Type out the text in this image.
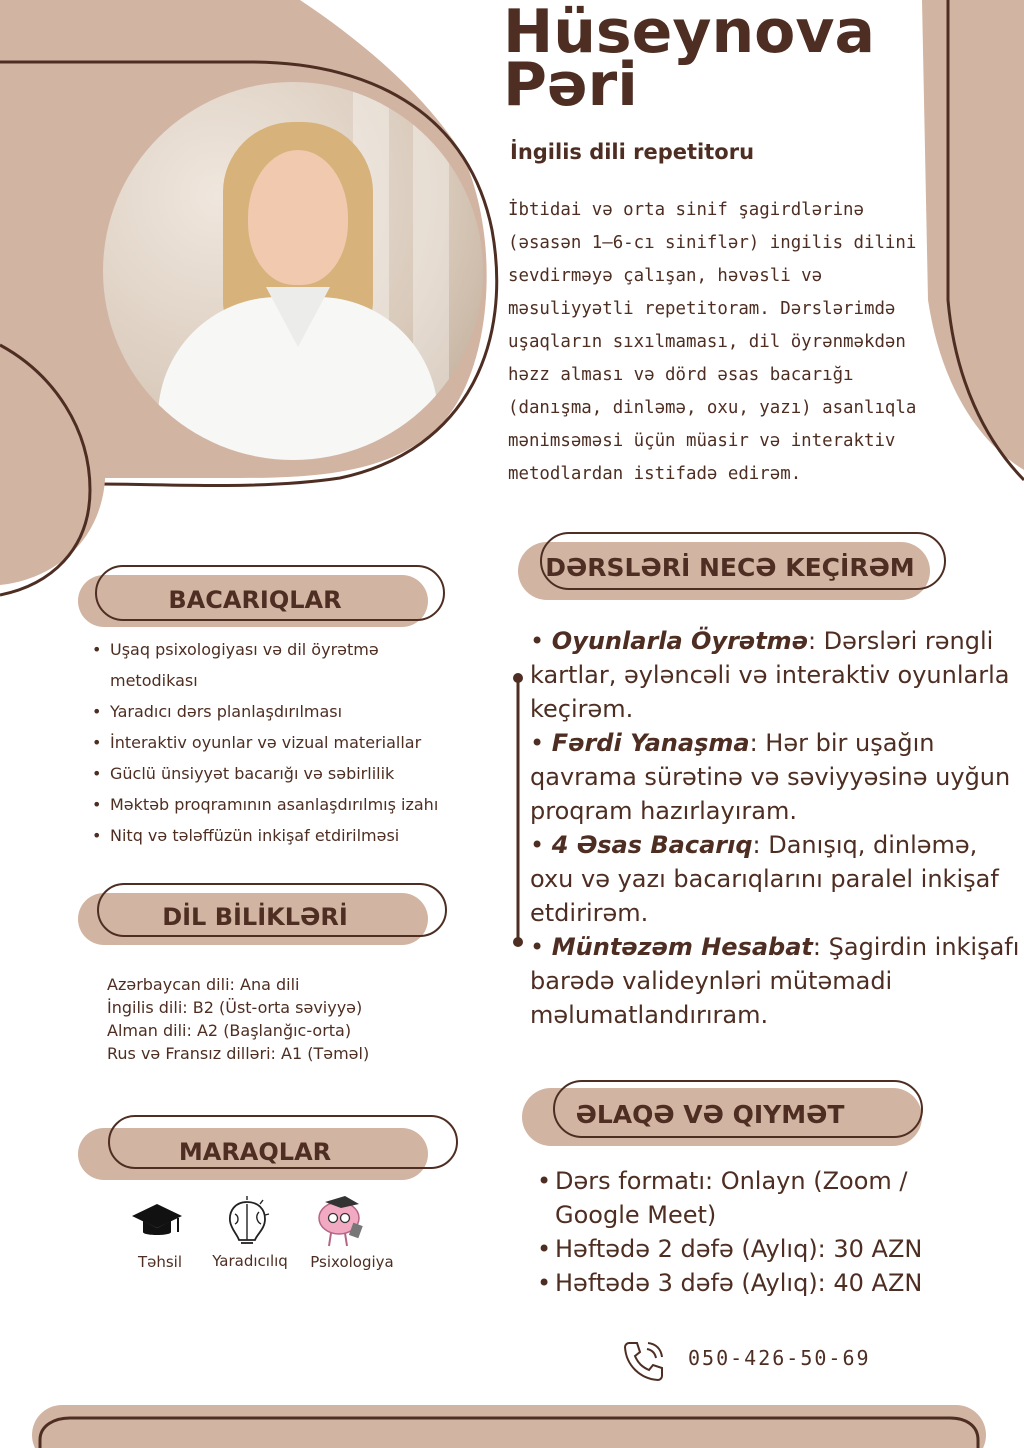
Hüseynova
Pəri
İngilis dili repetitoru
İbtidai və orta sinif şagirdlərinə (əsasən 1–6-cı siniflər) ingilis dilini sevdirməyə çalışan, həvəsli və məsuliyyətli repetitoram. Dərslərimdə uşaqların sıxılmaması, dil öyrənməkdən həzz alması və dörd əsas bacarığı (danışma, dinləmə, oxu, yazı) asanlıqla mənimsəməsi üçün müasir və interaktiv metodlardan istifadə edirəm.
BACARIQLAR
• Uşaq psixologiyası və dil öyrətmə metodikası
• Yaradıcı dərs planlaşdırılması
• İnteraktiv oyunlar və vizual materiallar
• Güclü ünsiyyət bacarığı və səbirlilik
• Məktəb proqramının asanlaşdırılmış izahı
• Nitq və tələffüzün inkişaf etdirilməsi
DİL BİLİKLƏRİ
Azərbaycan dili: Ana dili
İngilis dili: B2 (Üst-orta səviyyə)
Alman dili: A2 (Başlanğıc-orta)
Rus və Fransız dilləri: A1 (Təməl)
MARAQLAR
Təhsil	Yaradıcılıq	Psixologiya
DƏRSLƏRİ NECƏ KEÇİRƏM

• Oyunlarla Öyrətmə: Dərsləri rəngli kartlar, əyləncəli və interaktiv oyunlarla keçirəm.

• Fərdi Yanaşma: Hər bir uşağın qavrama sürətinə və səviyyəsinə uyğun proqram hazırlayıram.

• 4 Əsas Bacarıq: Danışıq, dinləmə, oxu və yazı bacarıqlarını paralel inkişaf etdirirəm.

• Müntəzəm Hesabat: Şagirdin inkişafı barədə valideynləri mütəmadi məlumatlandırıram.

ƏLAQƏ VƏ QIYMƏT
• Dərs formatı: Onlayn (Zoom / Google Meet)
• Həftədə 2 dəfə (Aylıq): 30 AZN
• Həftədə 3 dəfə (Aylıq): 40 AZN
050-426-50-69
